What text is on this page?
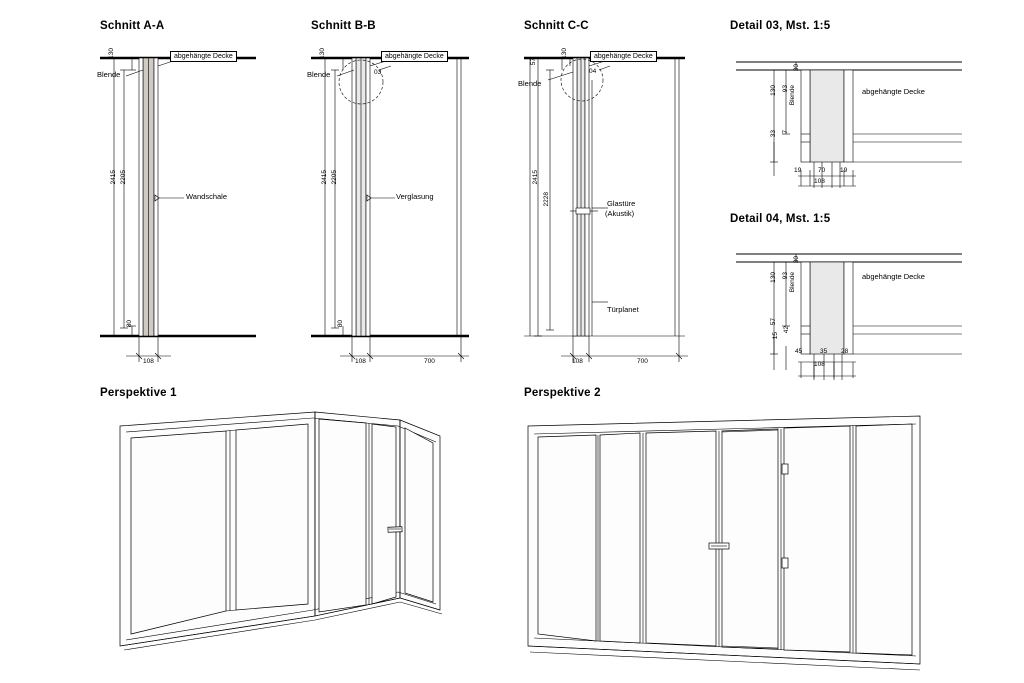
Schnitt A-A
abgehängte Decke
Blende
Wandschale
130
2415 2205
80
108
Schnitt B-B
abgehängte Decke
Blende
Verglasung
03
130
2415 2205
80
108	700
Schnitt C-C
abgehängte Decke
Blende
Glastüre
(Akustik)
Türplanet
04
130
57
2415
2228
108	700
Detail 03, Mst. 1:5
abgehängte Decke
Blende
30
130 93
33 7
19	70 19
108
Detail 04, Mst. 1:5
abgehängte Decke
Blende
30
130 93
57
42
15
45	35 28
108
Perspektive 1	Perspektive 2
